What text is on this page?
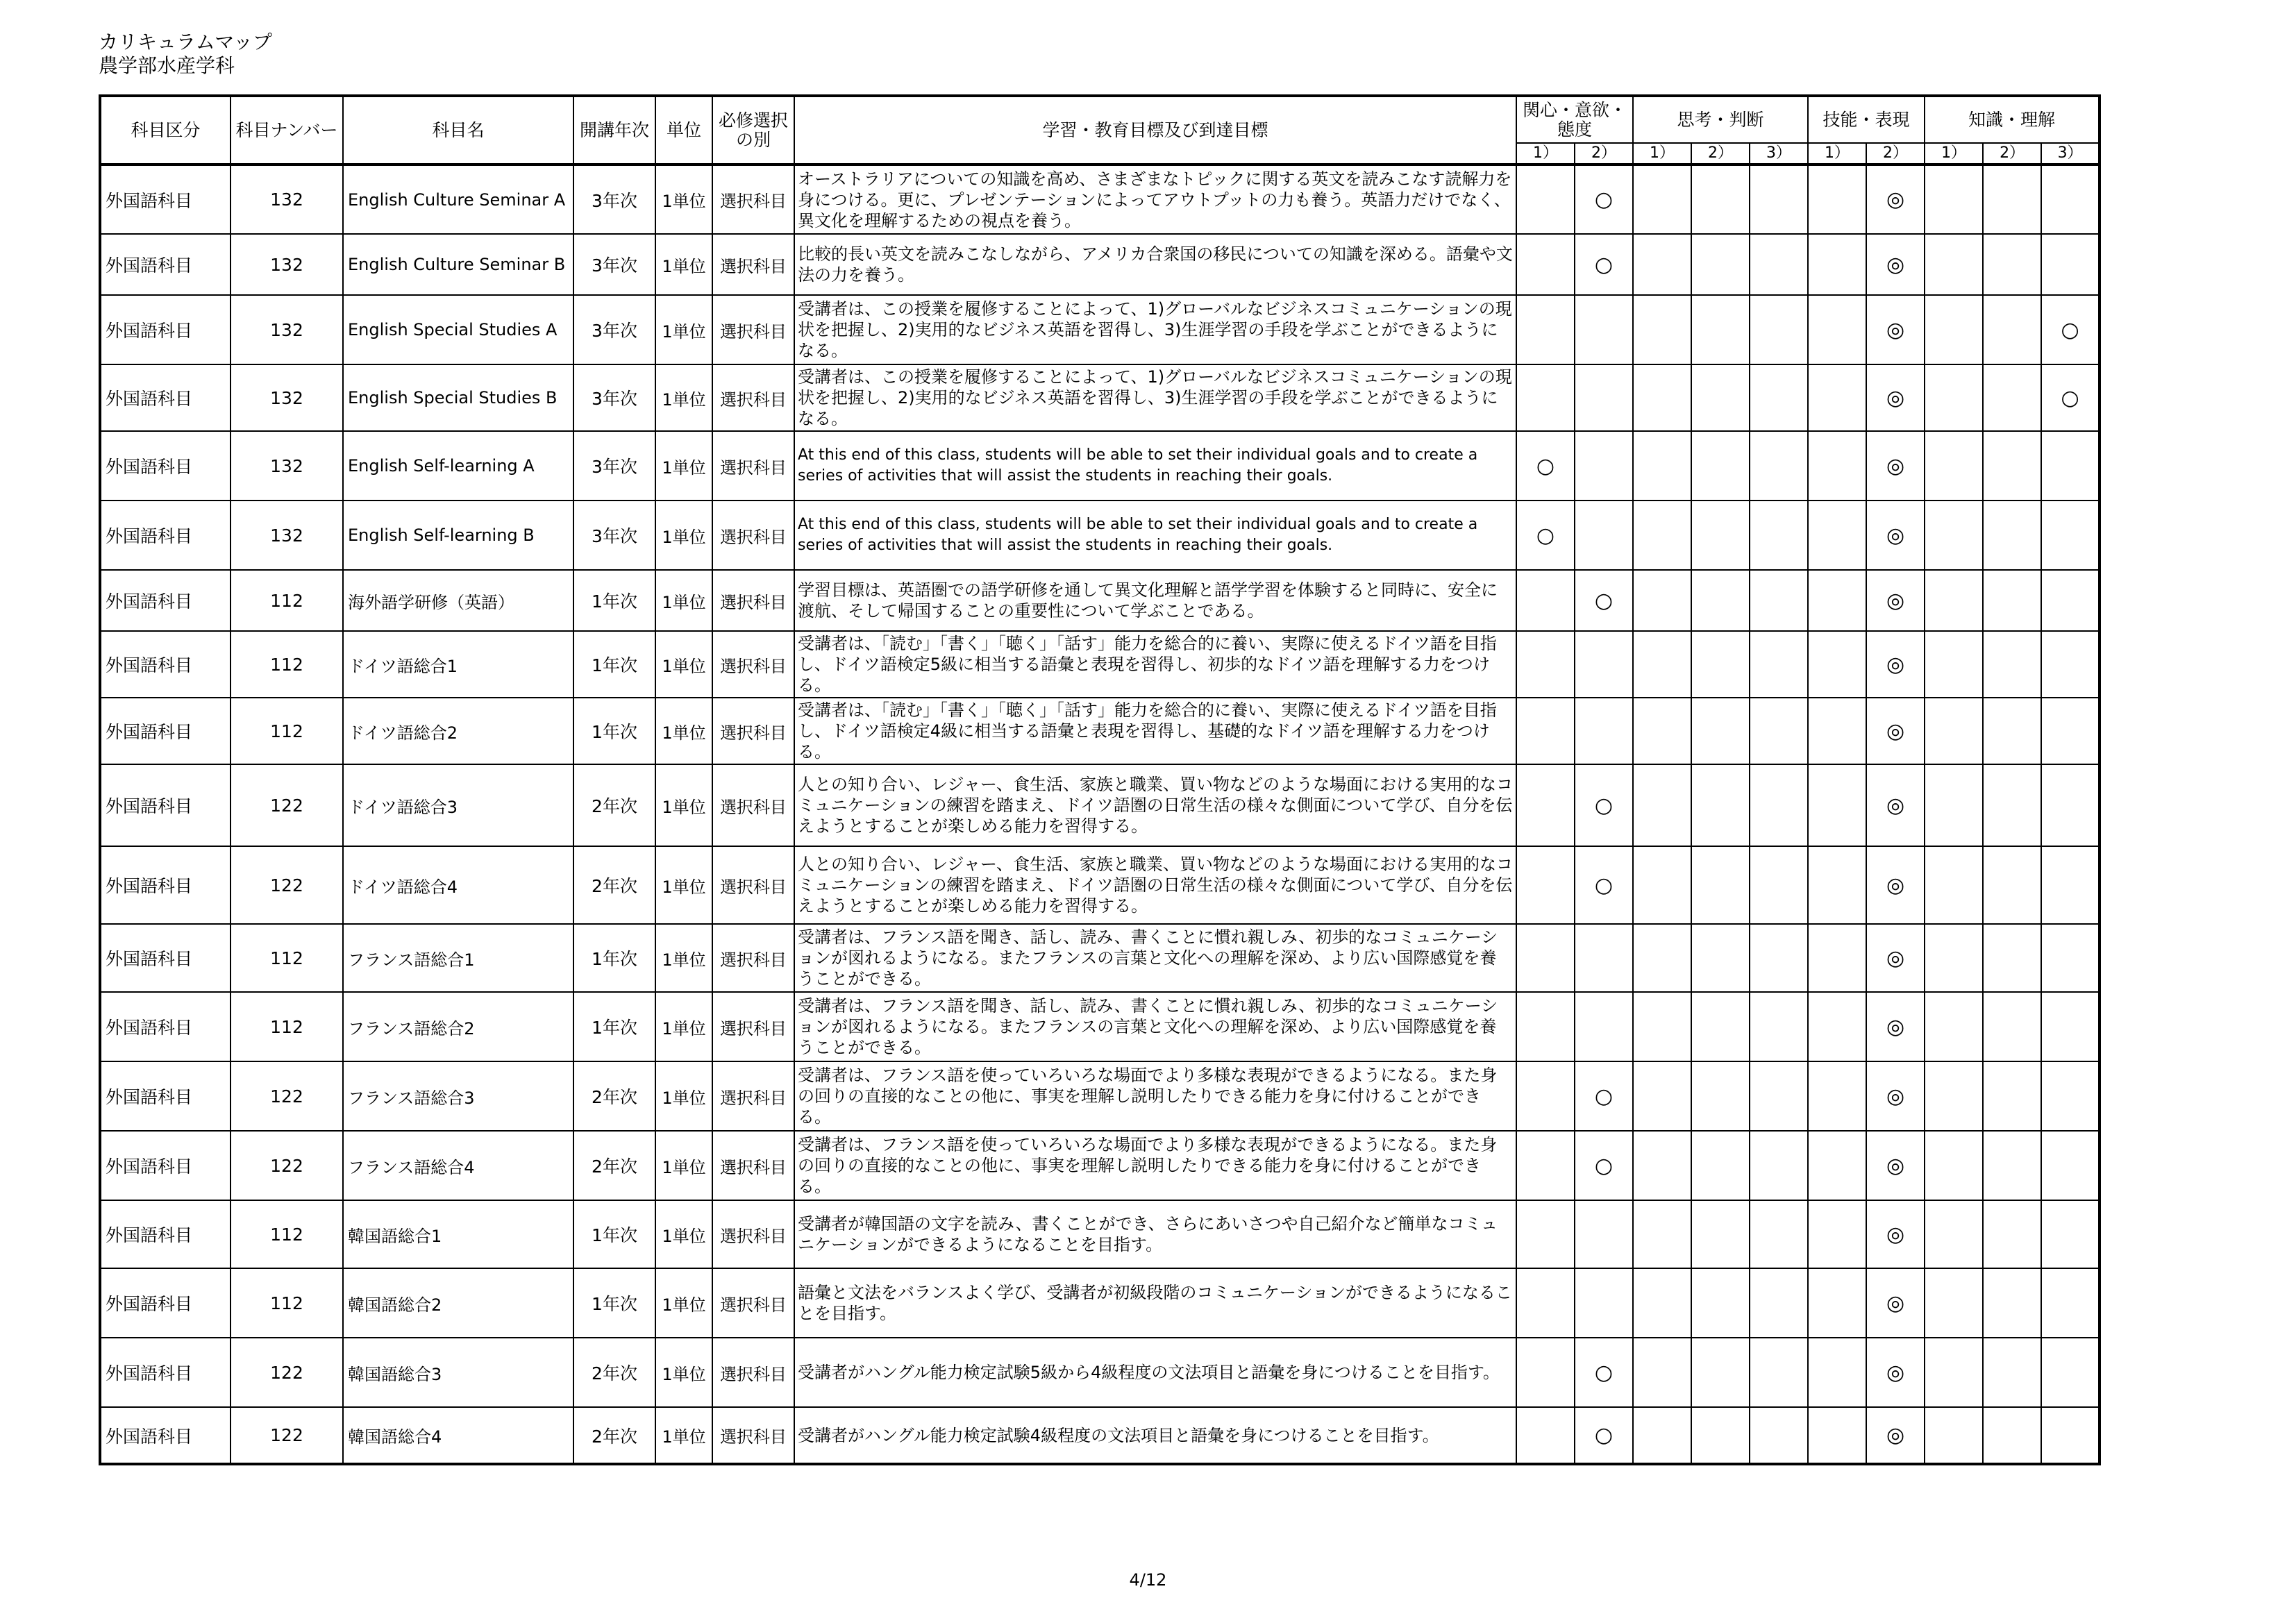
カリキュラムマップ
農学部水産学科
科目区分	科目ナンバー	科目名	開講年次	単位	必修選択の別	学習・教育目標及び到達目標	関心・意欲・態度		思考・判断			技能・表現		知識・理解		
							1）	2）	1）	2）	3）	1）	2）	1）	2）	3）
外国語科目	132	English Culture Seminar A	3年次	1単位	選択科目	オーストラリアについての知識を高め、さまざまなトピックに関する英文を読みこなす読解力を身につける。更に、プレゼンテーションによってアウトプットの力も養う。英語力だけでなく、異文化を理解するための視点を養う。		○					◎			
外国語科目	132	English Culture Seminar B	3年次	1単位	選択科目	比較的長い英文を読みこなしながら、アメリカ合衆国の移民についての知識を深める。語彙や文法の力を養う。		○					◎			
外国語科目	132	English Special Studies A	3年次	1単位	選択科目	受講者は、この授業を履修することによって、1)グローバルなビジネスコミュニケーションの現状を把握し、2)実用的なビジネス英語を習得し、3)生涯学習の手段を学ぶことができるようになる。							◎			○
外国語科目	132	English Special Studies B	3年次	1単位	選択科目	受講者は、この授業を履修することによって、1)グローバルなビジネスコミュニケーションの現状を把握し、2)実用的なビジネス英語を習得し、3)生涯学習の手段を学ぶことができるようになる。							◎			○
外国語科目	132	English Self-learning A	3年次	1単位	選択科目	At this end of this class, students will be able to set their individual goals and to create a series of activities that will assist the students in reaching their goals.	○						◎			
外国語科目	132	English Self-learning B	3年次	1単位	選択科目	At this end of this class, students will be able to set their individual goals and to create a series of activities that will assist the students in reaching their goals.	○						◎			
外国語科目	112	海外語学研修（英語）	1年次	1単位	選択科目	学習目標は、英語圏での語学研修を通して異文化理解と語学学習を体験すると同時に、安全に渡航、そして帰国することの重要性について学ぶことである。		○					◎			
外国語科目	112	ドイツ語総合1	1年次	1単位	選択科目	受講者は、「読む」「書く」「聴く」「話す」能力を総合的に養い、実際に使えるドイツ語を目指し、ドイツ語検定5級に相当する語彙と表現を習得し、初歩的なドイツ語を理解する力をつける。							◎			
外国語科目	112	ドイツ語総合2	1年次	1単位	選択科目	受講者は、「読む」「書く」「聴く」「話す」能力を総合的に養い、実際に使えるドイツ語を目指し、ドイツ語検定4級に相当する語彙と表現を習得し、基礎的なドイツ語を理解する力をつける。							◎			
外国語科目	122	ドイツ語総合3	2年次	1単位	選択科目	人との知り合い、レジャー、食生活、家族と職業、買い物などのような場面における実用的なコミュニケーションの練習を踏まえ、ドイツ語圏の日常生活の様々な側面について学び、自分を伝えようとすることが楽しめる能力を習得する。		○					◎			
外国語科目	122	ドイツ語総合4	2年次	1単位	選択科目	人との知り合い、レジャー、食生活、家族と職業、買い物などのような場面における実用的なコミュニケーションの練習を踏まえ、ドイツ語圏の日常生活の様々な側面について学び、自分を伝えようとすることが楽しめる能力を習得する。		○					◎			
外国語科目	112	フランス語総合1	1年次	1単位	選択科目	受講者は、フランス語を聞き、話し、読み、書くことに慣れ親しみ、初歩的なコミュニケーションが図れるようになる。またフランスの言葉と文化への理解を深め、より広い国際感覚を養うことができる。							◎			
外国語科目	112	フランス語総合2	1年次	1単位	選択科目	受講者は、フランス語を聞き、話し、読み、書くことに慣れ親しみ、初歩的なコミュニケーションが図れるようになる。またフランスの言葉と文化への理解を深め、より広い国際感覚を養うことができる。							◎			
外国語科目	122	フランス語総合3	2年次	1単位	選択科目	受講者は、フランス語を使っていろいろな場面でより多様な表現ができるようになる。また身の回りの直接的なことの他に、事実を理解し説明したりできる能力を身に付けることができる。		○					◎			
外国語科目	122	フランス語総合4	2年次	1単位	選択科目	受講者は、フランス語を使っていろいろな場面でより多様な表現ができるようになる。また身の回りの直接的なことの他に、事実を理解し説明したりできる能力を身に付けることができる。		○					◎			
外国語科目	112	韓国語総合1	1年次	1単位	選択科目	受講者が韓国語の文字を読み、書くことができ、さらにあいさつや自己紹介など簡単なコミュニケーションができるようになることを目指す。							◎			
外国語科目	112	韓国語総合2	1年次	1単位	選択科目	語彙と文法をバランスよく学び、受講者が初級段階のコミュニケーションができるようになることを目指す。							◎			
外国語科目	122	韓国語総合3	2年次	1単位	選択科目	受講者がハングル能力検定試験5級から4級程度の文法項目と語彙を身につけることを目指す。		○					◎			
外国語科目	122	韓国語総合4	2年次	1単位	選択科目	受講者がハングル能力検定試験4級程度の文法項目と語彙を身につけることを目指す。		○					◎			
4/12
